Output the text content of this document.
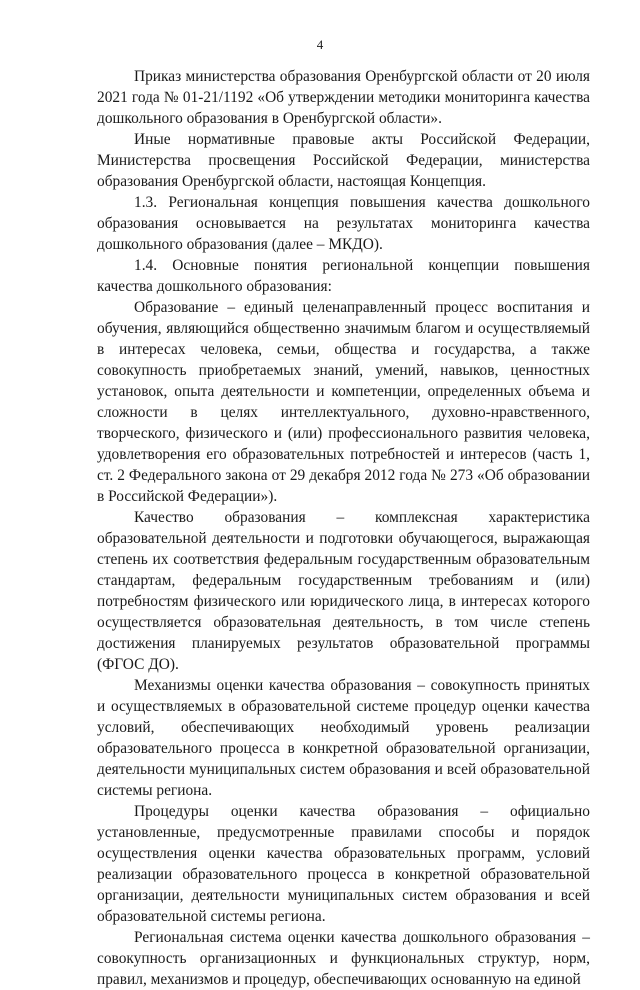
4

Приказ министерства образования Оренбургской области от 20 июля 2021 года № 01-21/1192 «Об утверждении методики мониторинга качества дошкольного образования в Оренбургской области».

Иные нормативные правовые акты Российской Федерации, Министерства просвещения Российской Федерации, министерства образования Оренбургской области, настоящая Концепция.

1.3. Региональная концепция повышения качества дошкольного образования основывается на результатах мониторинга качества дошкольного образования (далее – МКДО).

1.4. Основные понятия региональной концепции повышения качества дошкольного образования:

Образование – единый целенаправленный процесс воспитания и обучения, являющийся общественно значимым благом и осуществляемый в интересах человека, семьи, общества и государства, а также совокупность приобретаемых знаний, умений, навыков, ценностных установок, опыта деятельности и компетенции, определенных объема и сложности в целях интеллектуального, духовно-нравственного, творческого, физического и (или) профессионального развития человека, удовлетворения его образовательных потребностей и интересов (часть 1, ст. 2 Федерального закона от 29 декабря 2012 года № 273 «Об образовании в Российской Федерации»).

Качество образования – комплексная характеристика образовательной деятельности и подготовки обучающегося, выражающая степень их соответствия федеральным государственным образовательным стандартам, федеральным государственным требованиям и (или) потребностям физического или юридического лица, в интересах которого осуществляется образовательная деятельность, в том числе степень достижения планируемых результатов образовательной программы (ФГОС ДО).

Механизмы оценки качества образования – совокупность принятых и осуществляемых в образовательной системе процедур оценки качества условий, обеспечивающих необходимый уровень реализации образовательного процесса в конкретной образовательной организации, деятельности муниципальных систем образования и всей образовательной системы региона.

Процедуры оценки качества образования – официально установленные, предусмотренные правилами способы и порядок осуществления оценки качества образовательных программ, условий реализации образовательного процесса в конкретной образовательной организации, деятельности муниципальных систем образования и всей образовательной системы региона.

Региональная система оценки качества дошкольного образования – совокупность организационных и функциональных структур, норм, правил, механизмов и процедур, обеспечивающих основанную на единой
